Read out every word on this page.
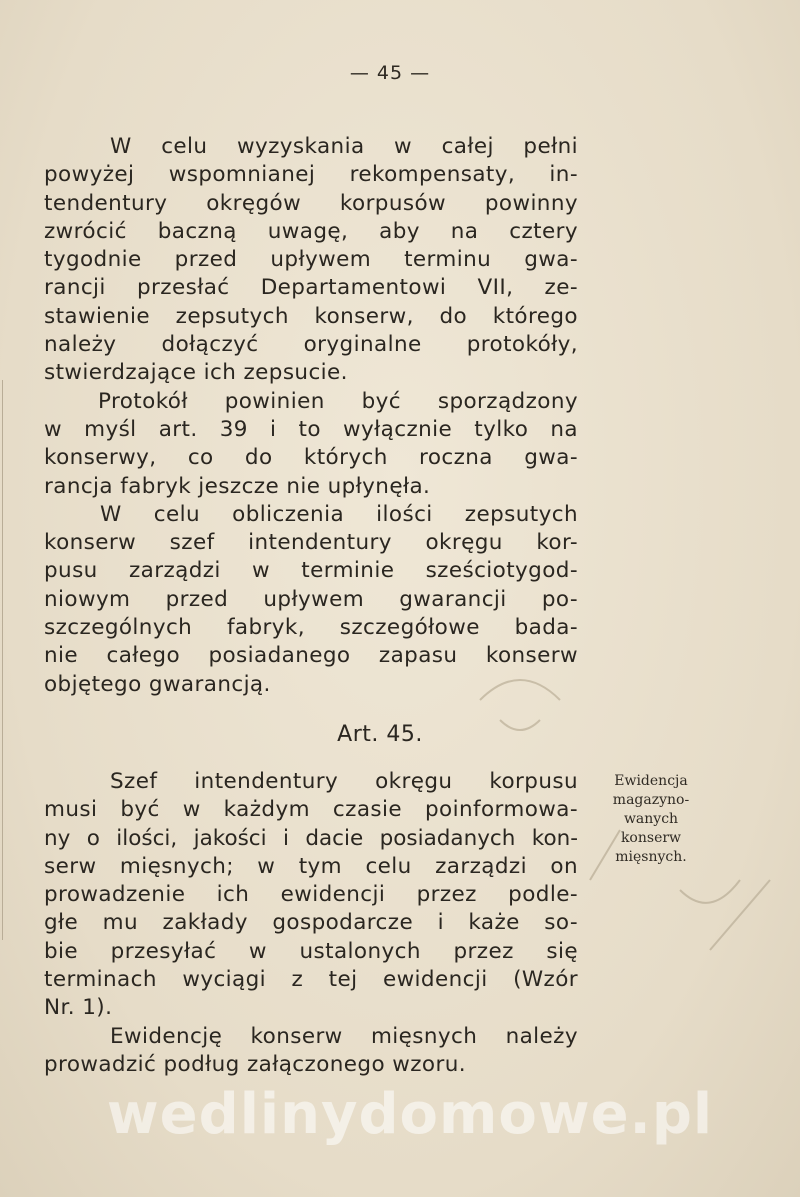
— 45 —
W celu wyzyskania w całej pełni
powyżej wspomnianej rekompensaty, in-
tendentury okręgów korpusów powinny
zwrócić baczną uwagę, aby na cztery
tygodnie przed upływem terminu gwa-
rancji przesłać Departamentowi VII, ze-
stawienie zepsutych konserw, do którego
należy dołączyć oryginalne protokóły,
stwierdzające ich zepsucie.
Protokół powinien być sporządzony
w myśl art. 39 i to wyłącznie tylko na
konserwy, co do których roczna gwa-
rancja fabryk jeszcze nie upłynęła.
W celu obliczenia ilości zepsutych
konserw szef intendentury okręgu kor-
pusu zarządzi w terminie sześciotygod-
niowym przed upływem gwarancji po-
szczególnych fabryk, szczegółowe bada-
nie całego posiadanego zapasu konserw
objętego gwarancją.
Art. 45.
Szef intendentury okręgu korpusu
musi być w każdym czasie poinformowa-
ny o ilości, jakości i dacie posiadanych kon-
serw mięsnych; w tym celu zarządzi on
prowadzenie ich ewidencji przez podle-
głe mu zakłady gospodarcze i każe so-
bie przesyłać w ustalonych przez się
terminach wyciągi z tej ewidencji (Wzór
Nr. 1).
Ewidencję konserw mięsnych należy
prowadzić podług załączonego wzoru.
Ewidencja
magazyno-
wanych
konserw
mięsnych.
wedlinydomowe.pl
